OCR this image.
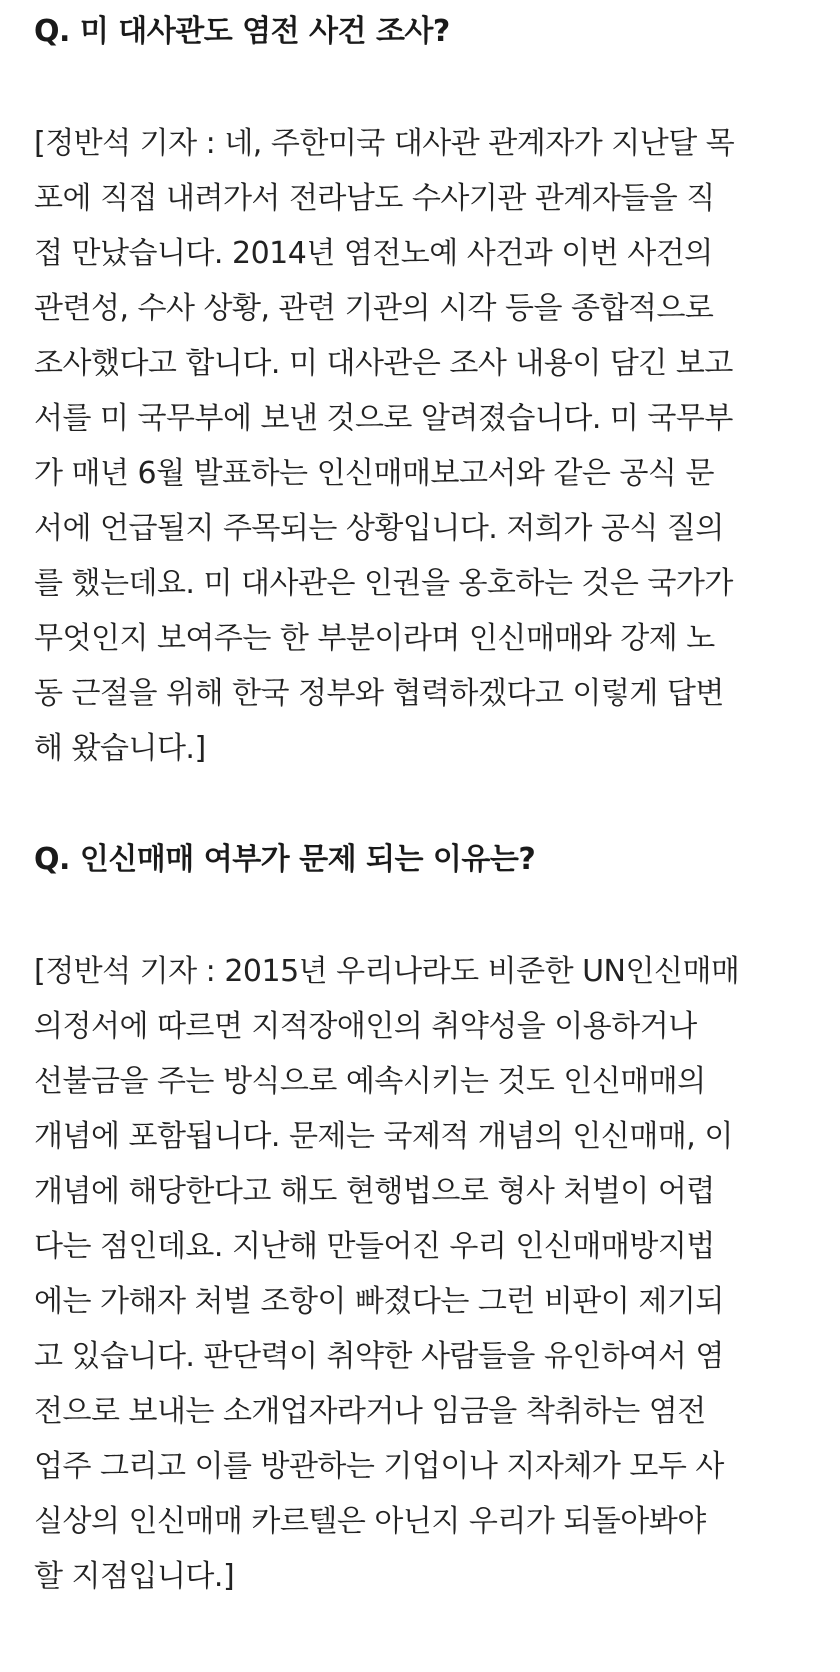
Q. 미 대사관도 염전 사건 조사?

[정반석 기자 : 네, 주한미국 대사관 관계자가 지난달 목
포에 직접 내려가서 전라남도 수사기관 관계자들을 직
접 만났습니다. 2014년 염전노예 사건과 이번 사건의
관련성, 수사 상황, 관련 기관의 시각 등을 종합적으로
조사했다고 합니다. 미 대사관은 조사 내용이 담긴 보고
서를 미 국무부에 보낸 것으로 알려졌습니다. 미 국무부
가 매년 6월 발표하는 인신매매보고서와 같은 공식 문
서에 언급될지 주목되는 상황입니다. 저희가 공식 질의
를 했는데요. 미 대사관은 인권을 옹호하는 것은 국가가
무엇인지 보여주는 한 부분이라며 인신매매와 강제 노
동 근절을 위해 한국 정부와 협력하겠다고 이렇게 답변
해 왔습니다.]

Q. 인신매매 여부가 문제 되는 이유는?

[정반석 기자 : 2015년 우리나라도 비준한 UN인신매매
의정서에 따르면 지적장애인의 취약성을 이용하거나
선불금을 주는 방식으로 예속시키는 것도 인신매매의
개념에 포함됩니다. 문제는 국제적 개념의 인신매매, 이
개념에 해당한다고 해도 현행법으로 형사 처벌이 어렵
다는 점인데요. 지난해 만들어진 우리 인신매매방지법
에는 가해자 처벌 조항이 빠졌다는 그런 비판이 제기되
고 있습니다. 판단력이 취약한 사람들을 유인하여서 염
전으로 보내는 소개업자라거나 임금을 착취하는 염전
업주 그리고 이를 방관하는 기업이나 지자체가 모두 사
실상의 인신매매 카르텔은 아닌지 우리가 되돌아봐야
할 지점입니다.]
